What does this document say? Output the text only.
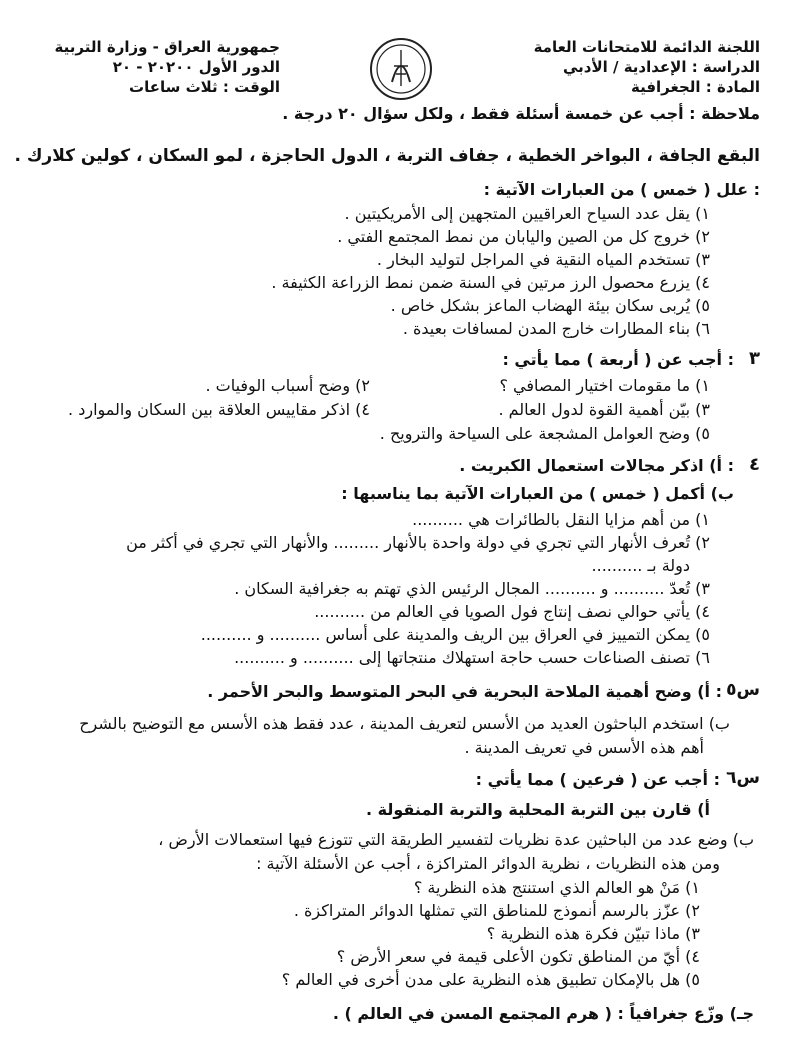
اللجنة الدائمة للامتحانات العامة
الدراسة : الإعدادية / الأدبي
المادة : الجغرافية
جمهورية العراق - وزارة التربية
الدور الأول ٢٠٢٠٠ - ٢٠
الوقت : ثلاث ساعات
ملاحظة : أجب عن خمسة أسئلة فقط ، ولكل سؤال ٢٠ درجة .
البقع الجافة ، البواخر الخطية ، جفاف التربة ، الدول الحاجزة ، لمو السكان ، كولين كلارك .
: علل ( خمس ) من العبارات الآتية :
١) يقل عدد السياح العراقيين المتجهين إلى الأمريكيتين .
٢) خروج كل من الصين واليابان من نمط المجتمع الفتي .
٣) تستخدم المياه النقية في المراجل لتوليد البخار .
٤) يزرع محصول الرز مرتين في السنة ضمن نمط الزراعة الكثيفة .
٥) يُربى سكان بيئة الهضاب الماعز بشكل خاص .
٦) بناء المطارات خارج المدن لمسافات بعيدة .
٣
: أجب عن ( أربعة ) مما يأتي :
١) ما مقومات اختيار المصافي ؟
٢) وضح أسباب الوفيات .
٣) بيّن أهمية القوة لدول العالم .
٤) اذكر مقاييس العلاقة بين السكان والموارد .
٥) وضح العوامل المشجعة على السياحة والترويح .
٤
: أ) اذكر مجالات استعمال الكبريت .
ب) أكمل ( خمس ) من العبارات الآتية بما يناسبها :
١) من أهم مزايا النقل بالطائرات هي ..........
٢) تُعرف الأنهار التي تجري في دولة واحدة بالأنهار ......... والأنهار التي تجري في أكثر من
دولة بـ ..........
٣) تُعدّ .......... و .......... المجال الرئيس الذي تهتم به جغرافية السكان .
٤) يأتي حوالي نصف إنتاج فول الصويا في العالم من ..........
٥) يمكن التمييز في العراق بين الريف والمدينة على أساس .......... و ..........
٦) تصنف الصناعات حسب حاجة استهلاك منتجاتها إلى .......... و ..........
س٥
: أ) وضح أهمية الملاحة البحرية في البحر المتوسط والبحر الأحمر .
ب) استخدم الباحثون العديد من الأسس لتعريف المدينة ، عدد فقط هذه الأسس مع التوضيح بالشرح
أهم هذه الأسس في تعريف المدينة .
س٦
: أجب عن ( فرعين ) مما يأتي :
أ) قارن بين التربة المحلية والتربة المنقولة .
ب) وضع عدد من الباحثين عدة نظريات لتفسير الطريقة التي تتوزع فيها استعمالات الأرض ،
ومن هذه النظريات ، نظرية الدوائر المتراكزة ، أجب عن الأسئلة الآتية :
١) مَنْ هو العالم الذي استنتج هذه النظرية ؟
٢) عزّز بالرسم أنموذج للمناطق التي تمثلها الدوائر المتراكزة .
٣) ماذا تبيّن فكرة هذه النظرية ؟
٤) أيّ من المناطق تكون الأعلى قيمة في سعر الأرض ؟
٥) هل بالإمكان تطبيق هذه النظرية على مدن أخرى في العالم ؟
جـ) وزّع جغرافياً : ( هرم المجتمع المسن في العالم ) .
